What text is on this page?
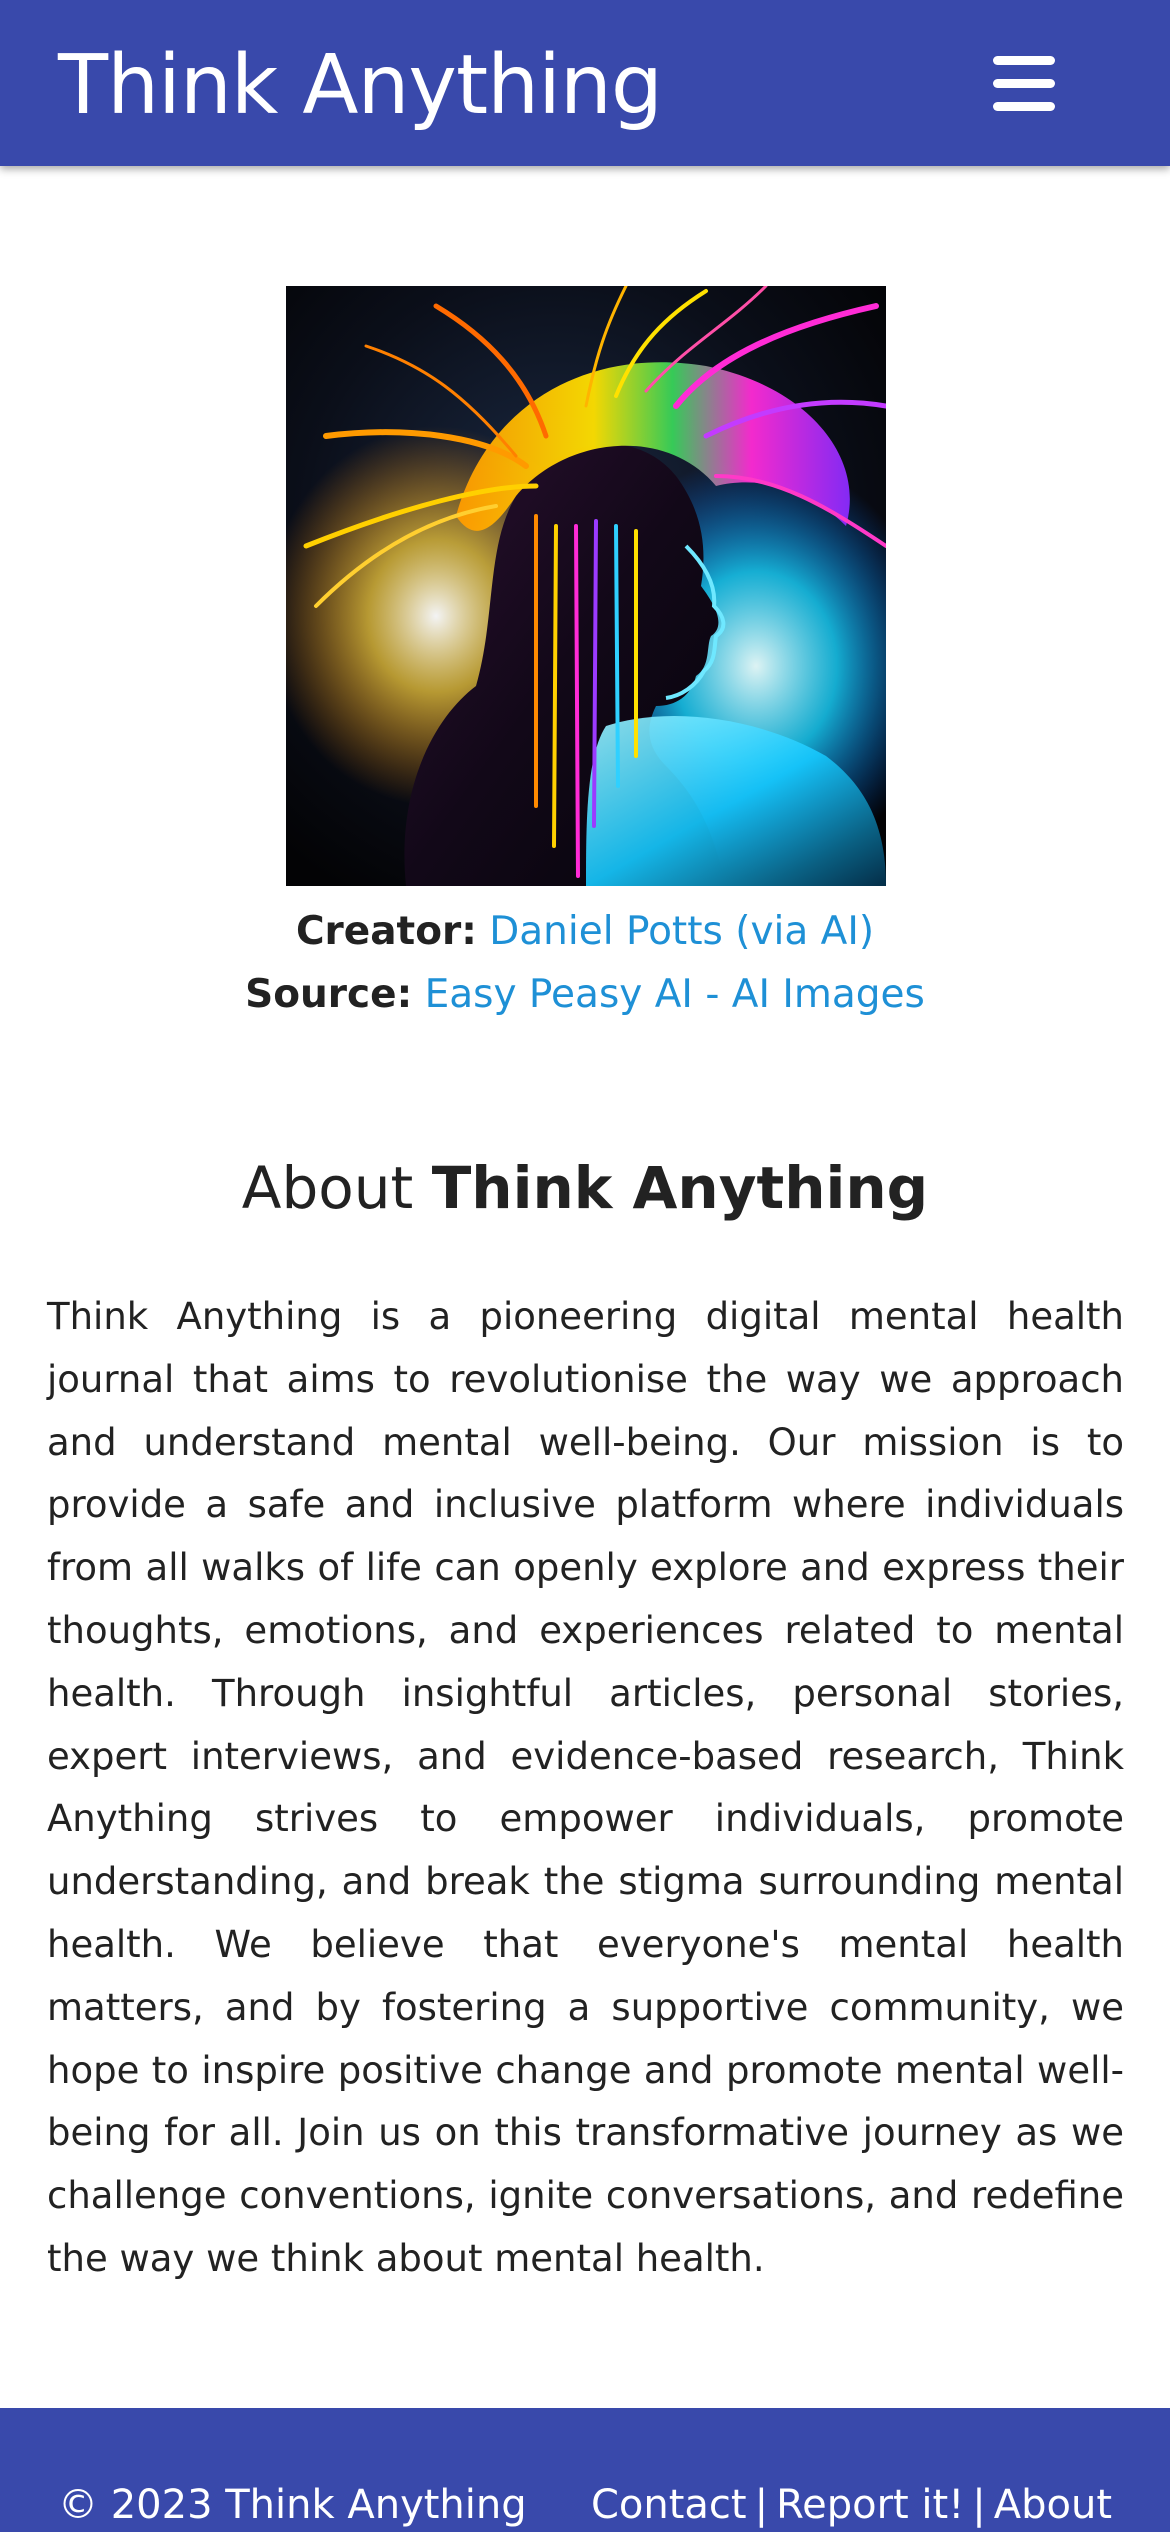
Think Anything
Creator: Daniel Potts (via AI)
Source: Easy Peasy AI - AI Images
About Think Anything

Think Anything is a pioneering digital mental health journal that aims to revolutionise the way we approach and understand mental well-being. Our mission is to provide a safe and inclusive platform where individuals from all walks of life can openly explore and express their thoughts, emotions, and experiences related to mental health. Through insightful articles, personal stories, expert interviews, and evidence-based research, Think Anything strives to empower individuals, promote understanding, and break the stigma surrounding mental health. We believe that everyone's mental health matters, and by fostering a supportive community, we hope to inspire positive change and promote mental well-being for all. Join us on this transformative journey as we challenge conventions, ignite conversations, and redefine the way we think about mental health.

© 2023 Think Anything Contact | Report it! | About
